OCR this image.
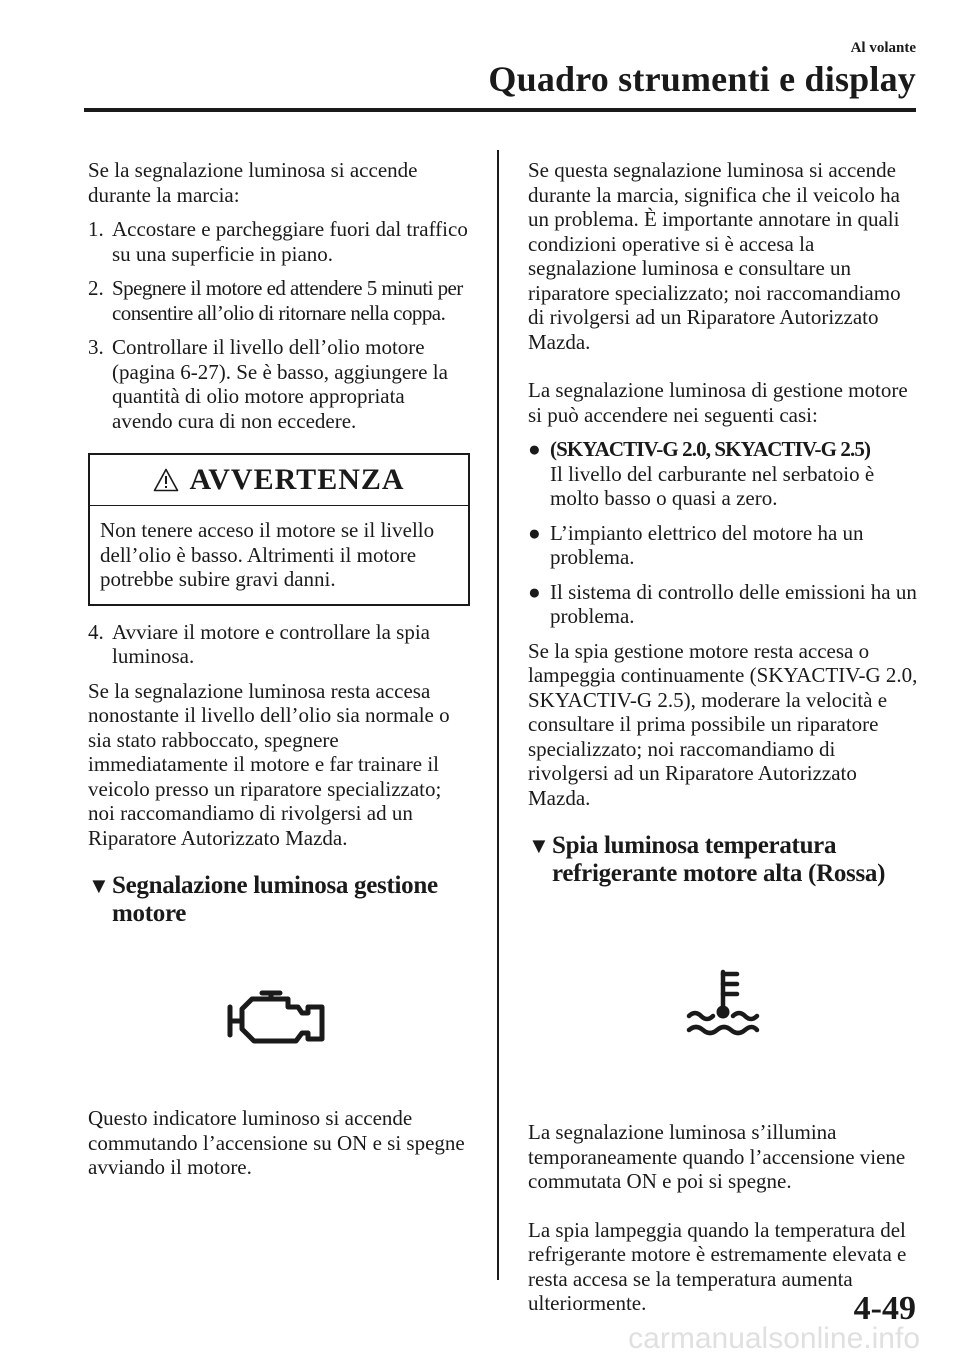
Al volante
Quadro strumenti e display

Se la segnalazione luminosa si accende durante la marcia:

1. Accostare e parcheggiare fuori dal traffico su una superficie in piano.
2. Spegnere il motore ed attendere 5 minuti per consentire all’olio di ritornare nella coppa.
3. Controllare il livello dell’olio motore (pagina 6-27). Se è basso, aggiungere la quantità di olio motore appropriata avendo cura di non eccedere.
AVVERTENZA
Non tenere acceso il motore se il livello dell’olio è basso. Altrimenti il motore potrebbe subire gravi danni.
4. Avviare il motore e controllare la spia luminosa.

Se la segnalazione luminosa resta accesa nonostante il livello dell’olio sia normale o sia stato rabboccato, spegnere immediatamente il motore e far trainare il veicolo presso un riparatore specializzato; noi raccomandiamo di rivolgersi ad un Riparatore Autorizzato Mazda.

▼ Segnalazione luminosa gestione motore

Questo indicatore luminoso si accende commutando l’accensione su ON e si spegne avviando il motore.

Se questa segnalazione luminosa si accende durante la marcia, significa che il veicolo ha un problema. È importante annotare in quali condizioni operative si è accesa la segnalazione luminosa e consultare un riparatore specializzato; noi raccomandiamo di rivolgersi ad un Riparatore Autorizzato Mazda.

La segnalazione luminosa di gestione motore si può accendere nei seguenti casi:

● (SKYACTIV-G 2.0, SKYACTIV-G 2.5)
Il livello del carburante nel serbatoio è molto basso o quasi a zero.
● L’impianto elettrico del motore ha un problema.
● Il sistema di controllo delle emissioni ha un problema.

Se la spia gestione motore resta accesa o lampeggia continuamente (SKYACTIV-G 2.0, SKYACTIV-G 2.5), moderare la velocità e consultare il prima possibile un riparatore specializzato; noi raccomandiamo di rivolgersi ad un Riparatore Autorizzato Mazda.

▼ Spia luminosa temperatura refrigerante motore alta (Rossa)

La segnalazione luminosa s’illumina temporaneamente quando l’accensione viene commutata ON e poi si spegne.

La spia lampeggia quando la temperatura del refrigerante motore è estremamente elevata e resta accesa se la temperatura aumenta ulteriormente.	4-49
carmanualsonline.info
